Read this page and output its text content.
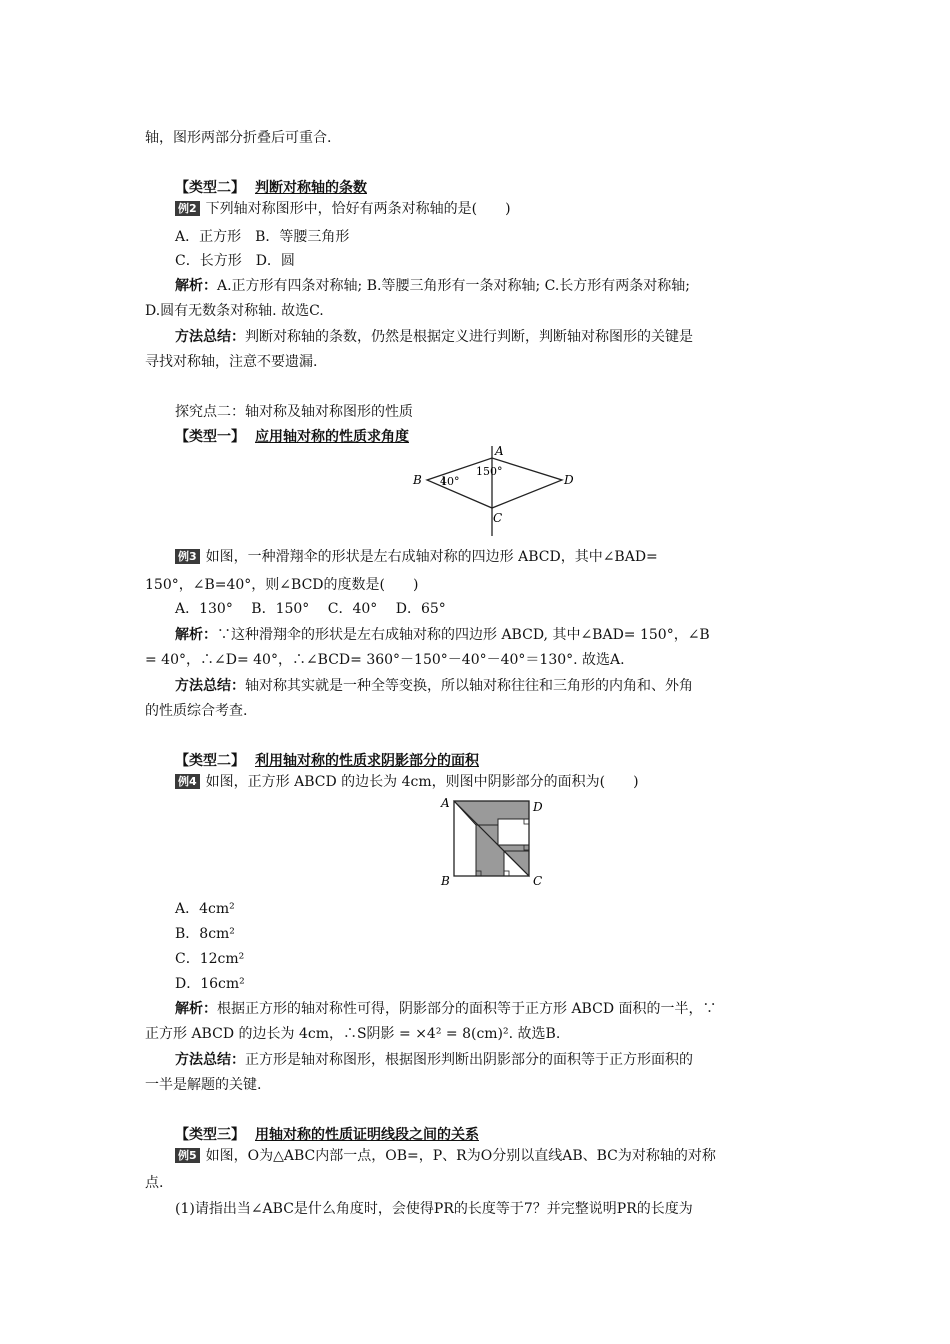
轴，图形两部分折叠后可重合.
【类型二】 判断对称轴的条数
例2 下列轴对称图形中，恰好有两条对称轴的是(　　)
A．正方形　B．等腰三角形
C．长方形　D．圆
解析：A.正方形有四条对称轴; B.等腰三角形有一条对称轴; C.长方形有两条对称轴;
D.圆有无数条对称轴. 故选C.
方法总结：判断对称轴的条数，仍然是根据定义进行判断，判断轴对称图形的关键是
寻找对称轴，注意不要遗漏.
探究点二：轴对称及轴对称图形的性质
【类型一】 应用轴对称的性质求角度
A
B
C
D
150°
40°
例3 如图，一种滑翔伞的形状是左右成轴对称的四边形 ABCD，其中∠BAD=
150°，∠B=40°，则∠BCD的度数是(　　)
A．130°　 B．150°　 C．40°　 D．65°
解析：∵这种滑翔伞的形状是左右成轴对称的四边形 ABCD, 其中∠BAD= 150°，∠B
= 40°，∴∠D= 40°，∴∠BCD= 360°－150°－40°－40°＝130°. 故选A.
方法总结：轴对称其实就是一种全等变换，所以轴对称往往和三角形的内角和、外角
的性质综合考查.
【类型二】 利用轴对称的性质求阴影部分的面积
例4 如图，正方形 ABCD 的边长为 4cm，则图中阴影部分的面积为(　　)
A	D
B	C
A．4cm²
B．8cm²
C．12cm²
D．16cm²
解析：根据正方形的轴对称性可得，阴影部分的面积等于正方形 ABCD 面积的一半，∵
正方形 ABCD 的边长为 4cm，∴S阴影 = ×4² = 8(cm)². 故选B.
方法总结：正方形是轴对称图形，根据图形判断出阴影部分的面积等于正方形面积的
一半是解题的关键.
【类型三】 用轴对称的性质证明线段之间的关系
例5 如图，O为△ABC内部一点，OB=，P、R为O分别以直线AB、BC为对称轴的对称
点.
(1)请指出当∠ABC是什么角度时，会使得PR的长度等于7？并完整说明PR的长度为
